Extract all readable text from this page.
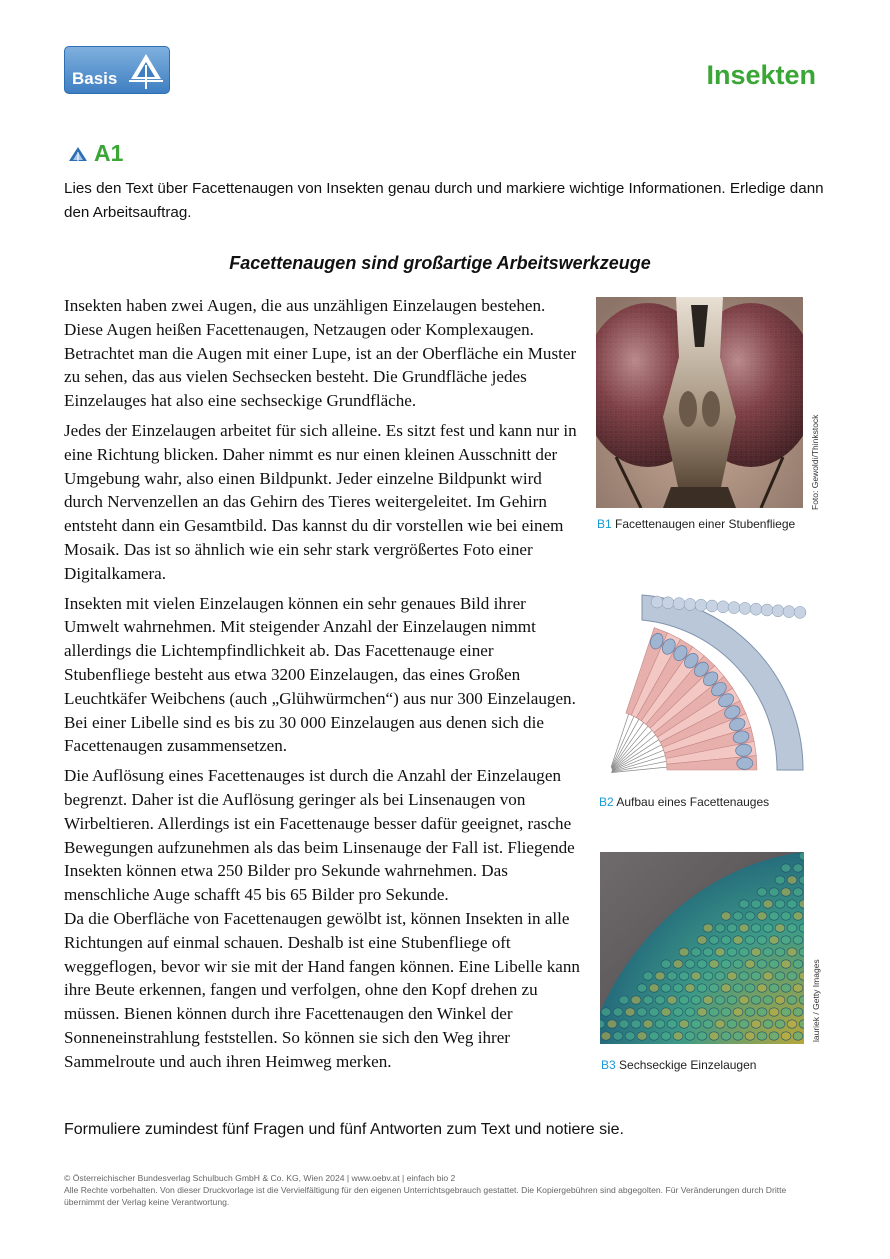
Basis	Insekten
A1
Lies den Text über Facettenaugen von Insekten genau durch und markiere wichtige Informationen. Erledige dann den Arbeitsauftrag.
Facettenaugen sind großartige Arbeitswerkzeuge

Insekten haben zwei Augen, die aus unzähligen Einzelaugen bestehen. Diese Augen heißen Facettenaugen, Netzaugen oder Komplexaugen. Betrachtet man die Augen mit einer Lupe, ist an der Oberfläche ein Muster zu sehen, das aus vielen Sechsecken besteht. Die Grundfläche jedes Einzelauges hat also eine sechseckige Grundfläche.

Jedes der Einzelaugen arbeitet für sich alleine. Es sitzt fest und kann nur in eine Richtung blicken. Daher nimmt es nur einen kleinen Ausschnitt der Umgebung wahr, also einen Bildpunkt. Jeder einzelne Bildpunkt wird durch Nervenzellen an das Gehirn des Tieres weitergeleitet. Im Gehirn entsteht dann ein Gesamtbild. Das kannst du dir vorstellen wie bei einem Mosaik. Das ist so ähnlich wie ein sehr stark vergrößertes Foto einer Digitalkamera.

Insekten mit vielen Einzelaugen können ein sehr genaues Bild ihrer Umwelt wahrnehmen. Mit steigender Anzahl der Einzelaugen nimmt allerdings die Lichtempfindlichkeit ab. Das Facettenauge einer Stubenfliege besteht aus etwa 3200 Einzelaugen, das eines Großen Leuchtkäfer Weibchens (auch „Glühwürmchen“) aus nur 300 Einzelaugen. Bei einer Libelle sind es bis zu 30 000 Einzelaugen aus denen sich die Facettenaugen zusammensetzen.

Die Auflösung eines Facettenauges ist durch die Anzahl der Einzelaugen begrenzt. Daher ist die Auflösung geringer als bei Linsenaugen von Wirbeltieren. Allerdings ist ein Facettenauge besser dafür geeignet, rasche Bewegungen aufzunehmen als das beim Linsenauge der Fall ist. Fliegende Insekten können etwa 250 Bilder pro Sekunde wahrnehmen. Das menschliche Auge schafft 45 bis 65 Bilder pro Sekunde.

Da die Oberfläche von Facettenaugen gewölbt ist, können Insekten in alle Richtungen auf einmal schauen. Deshalb ist eine Stubenfliege oft weggeflogen, bevor wir sie mit der Hand fangen können. Eine Libelle kann ihre Beute erkennen, fangen und verfolgen, ohne den Kopf drehen zu müssen. Bienen können durch ihre Facettenaugen den Winkel der Sonneneinstrahlung feststellen. So können sie sich den Weg ihrer Sammelroute und auch ihren Heimweg merken.

Foto: Gewoldi/Thinkstock
B1 Facettenaugen einer Stubenfliege
B2 Aufbau eines Facettenauges
lauriek / Getty Images
B3 Sechseckige Einzelaugen
Formuliere zumindest fünf Fragen und fünf Antworten zum Text und notiere sie.
© Österreichischer Bundesverlag Schulbuch GmbH & Co. KG, Wien 2024 | www.oebv.at | einfach bio 2
Alle Rechte vorbehalten. Von dieser Druckvorlage ist die Vervielfältigung für den eigenen Unterrichtsgebrauch gestattet. Die Kopiergebühren sind abgegolten. Für Veränderungen durch Dritte übernimmt der Verlag keine Verantwortung.
